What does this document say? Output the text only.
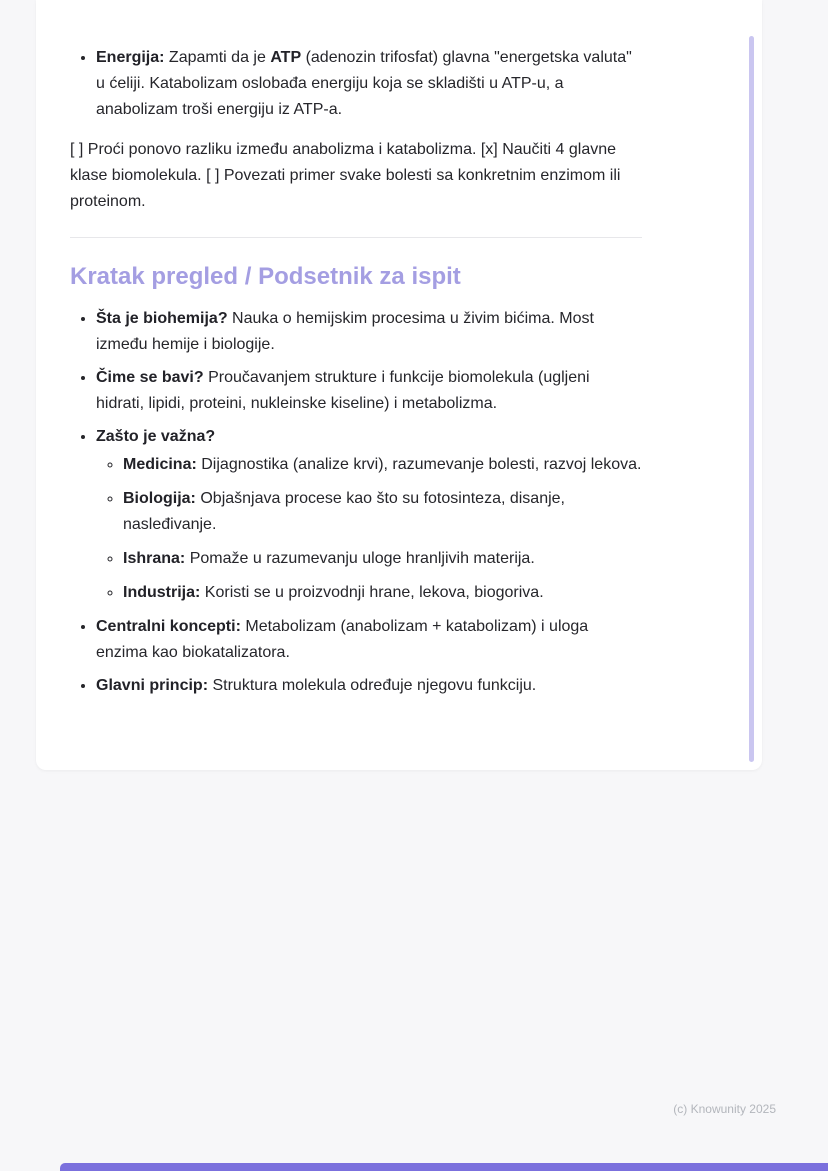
• Energija: Zapamti da je ATP (adenozin trifosfat) glavna "energetska valuta" u ćeliji. Katabolizam oslobađa energiju koja se skladišti u ATP-u, a anabolizam troši energiju iz ATP-a.

[ ] Proći ponovo razliku između anabolizma i katabolizma. [x] Naučiti 4 glavne klase biomolekula. [ ] Povezati primer svake bolesti sa konkretnim enzimom ili proteinom.

Kratak pregled / Podsetnik za ispit
• Šta je biohemija? Nauka o hemijskim procesima u živim bićima. Most između hemije i biologije.
• Čime se bavi? Proučavanjem strukture i funkcije biomolekula (ugljeni hidrati, lipidi, proteini, nukleinske kiseline) i metabolizma.
• Zašto je važna?
◦ Medicina: Dijagnostika (analize krvi), razumevanje bolesti, razvoj lekova.
◦ Biologija: Objašnjava procese kao što su fotosinteza, disanje, nasleđivanje.
◦ Ishrana: Pomaže u razumevanju uloge hranljivih materija.
◦ Industrija: Koristi se u proizvodnji hrane, lekova, biogoriva.
• Centralni koncepti: Metabolizam (anabolizam + katabolizam) i uloga enzima kao biokatalizatora.
• Glavni princip: Struktura molekula određuje njegovu funkciju.
(c) Knowunity 2025
